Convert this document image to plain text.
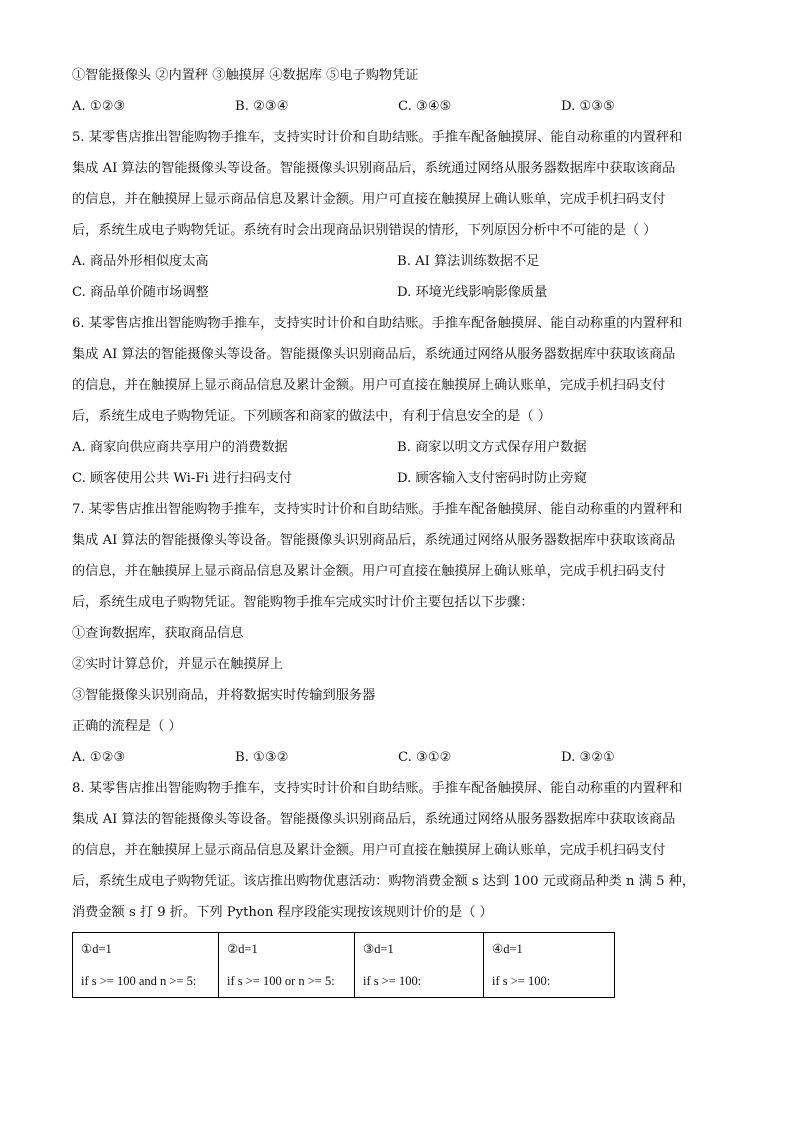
①智能摄像头 ②内置秤 ③触摸屏 ④数据库 ⑤电子购物凭证
A. ①②③	B. ②③④	C. ③④⑤	D. ①③⑤
5. 某零售店推出智能购物手推车，支持实时计价和自助结账。手推车配备触摸屏、能自动称重的内置秤和
集成 AI 算法的智能摄像头等设备。智能摄像头识别商品后，系统通过网络从服务器数据库中获取该商品
的信息，并在触摸屏上显示商品信息及累计金额。用户可直接在触摸屏上确认账单，完成手机扫码支付
后，系统生成电子购物凭证。系统有时会出现商品识别错误的情形，下列原因分析中不可能的是（ ）
A. 商品外形相似度太高	B. AI 算法训练数据不足
C. 商品单价随市场调整	D. 环境光线影响影像质量
6. 某零售店推出智能购物手推车，支持实时计价和自助结账。手推车配备触摸屏、能自动称重的内置秤和
集成 AI 算法的智能摄像头等设备。智能摄像头识别商品后，系统通过网络从服务器数据库中获取该商品
的信息，并在触摸屏上显示商品信息及累计金额。用户可直接在触摸屏上确认账单，完成手机扫码支付
后，系统生成电子购物凭证。下列顾客和商家的做法中，有利于信息安全的是（ ）
A. 商家向供应商共享用户的消费数据	B. 商家以明文方式保存用户数据
C. 顾客使用公共 Wi-Fi 进行扫码支付	D. 顾客输入支付密码时防止旁窥
7. 某零售店推出智能购物手推车，支持实时计价和自助结账。手推车配备触摸屏、能自动称重的内置秤和
集成 AI 算法的智能摄像头等设备。智能摄像头识别商品后，系统通过网络从服务器数据库中获取该商品
的信息，并在触摸屏上显示商品信息及累计金额。用户可直接在触摸屏上确认账单，完成手机扫码支付
后，系统生成电子购物凭证。智能购物手推车完成实时计价主要包括以下步骤：
①查询数据库，获取商品信息
②实时计算总价，并显示在触摸屏上
③智能摄像头识别商品，并将数据实时传输到服务器
正确的流程是（ ）
A. ①②③	B. ①③②	C. ③①②	D. ③②①
8. 某零售店推出智能购物手推车，支持实时计价和自助结账。手推车配备触摸屏、能自动称重的内置秤和
集成 AI 算法的智能摄像头等设备。智能摄像头识别商品后，系统通过网络从服务器数据库中获取该商品
的信息，并在触摸屏上显示商品信息及累计金额。用户可直接在触摸屏上确认账单，完成手机扫码支付
后，系统生成电子购物凭证。该店推出购物优惠活动：购物消费金额 s 达到 100 元或商品种类 n 满 5 种，
消费金额 s 打 9 折。下列 Python 程序段能实现按该规则计价的是（ ）
①d=1
if s >= 100 and n >= 5:

②d=1
if s >= 100 or n >= 5:

③d=1
if s >= 100:

④d=1
if s >= 100:
